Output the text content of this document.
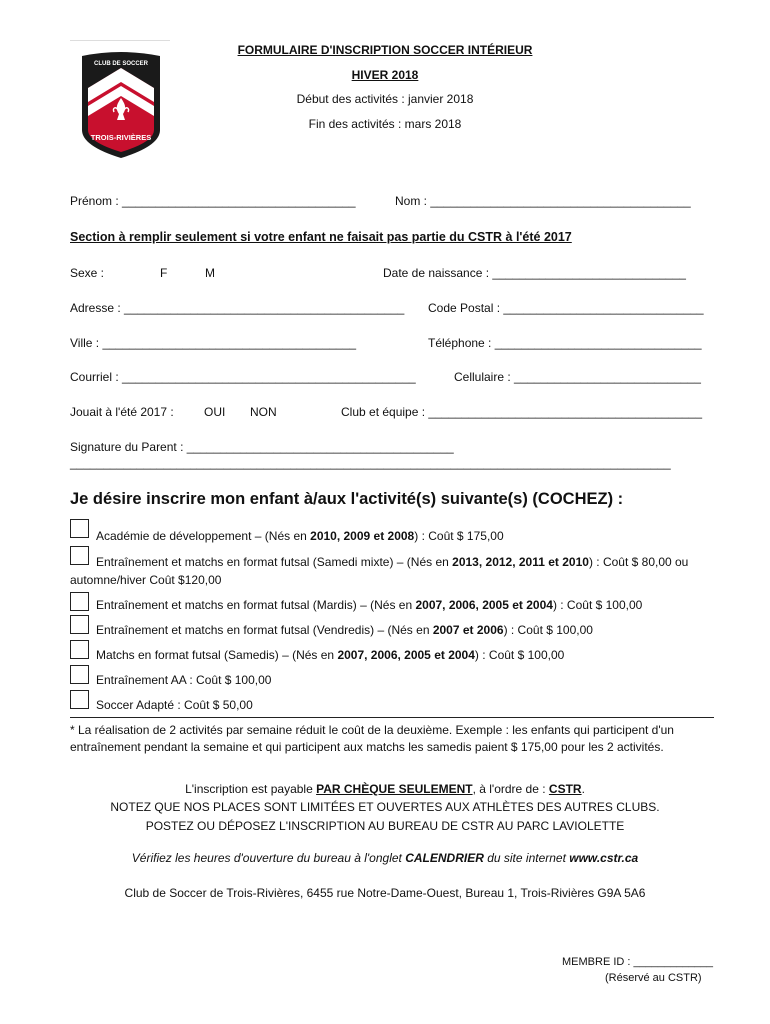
CLUB DE SOCCER
TROIS-RIVIÈRES
FORMULAIRE D'INSCRIPTION SOCCER INTÉRIEUR
HIVER 2018
Début des activités : janvier 2018
Fin des activités : mars 2018
Prénom : ___________________________________	Nom : _______________________________________
Section à remplir seulement si votre enfant ne faisait pas partie du CSTR à l'été 2017
Sexe :	F	M	Date de naissance : _____________________________
Adresse : __________________________________________ Code Postal : ______________________________
Ville : ______________________________________	Téléphone : _______________________________
Courriel : ____________________________________________	Cellulaire : ____________________________
Jouait à l'été 2017 :	OUI NON	Club et équipe : _________________________________________
Signature du Parent : ________________________________________
__________________________________________________________________________________________
Je désire inscrire mon enfant à/aux l'activité(s) suivante(s) (COCHEZ) :
Académie de développement – (Nés en 2010, 2009 et 2008) : Coût $ 175,00
Entraînement et matchs en format futsal (Samedi mixte) – (Nés en 2013, 2012, 2011 et 2010) : Coût $ 80,00 ou
automne/hiver Coût $120,00
Entraînement et matchs en format futsal (Mardis) – (Nés en 2007, 2006, 2005 et 2004) : Coût $ 100,00
Entraînement et matchs en format futsal (Vendredis) – (Nés en 2007 et 2006) : Coût $ 100,00
Matchs en format futsal (Samedis) – (Nés en 2007, 2006, 2005 et 2004) : Coût $ 100,00
Entraînement AA : Coût $ 100,00
Soccer Adapté : Coût $ 50,00
* La réalisation de 2 activités par semaine réduit le coût de la deuxième. Exemple : les enfants qui participent d'un
entraînement pendant la semaine et qui participent aux matchs les samedis paient $ 175,00 pour les 2 activités.
L'inscription est payable PAR CHÈQUE SEULEMENT, à l'ordre de : CSTR.
NOTEZ QUE NOS PLACES SONT LIMITÉES ET OUVERTES AUX ATHLÈTES DES AUTRES CLUBS.
POSTEZ OU DÉPOSEZ L'INSCRIPTION AU BUREAU DE CSTR AU PARC LAVIOLETTE
Vérifiez les heures d'ouverture du bureau à l'onglet CALENDRIER du site internet www.cstr.ca
Club de Soccer de Trois-Rivières, 6455 rue Notre-Dame-Ouest, Bureau 1, Trois-Rivières G9A 5A6
MEMBRE ID : _____________
(Réservé au CSTR)
